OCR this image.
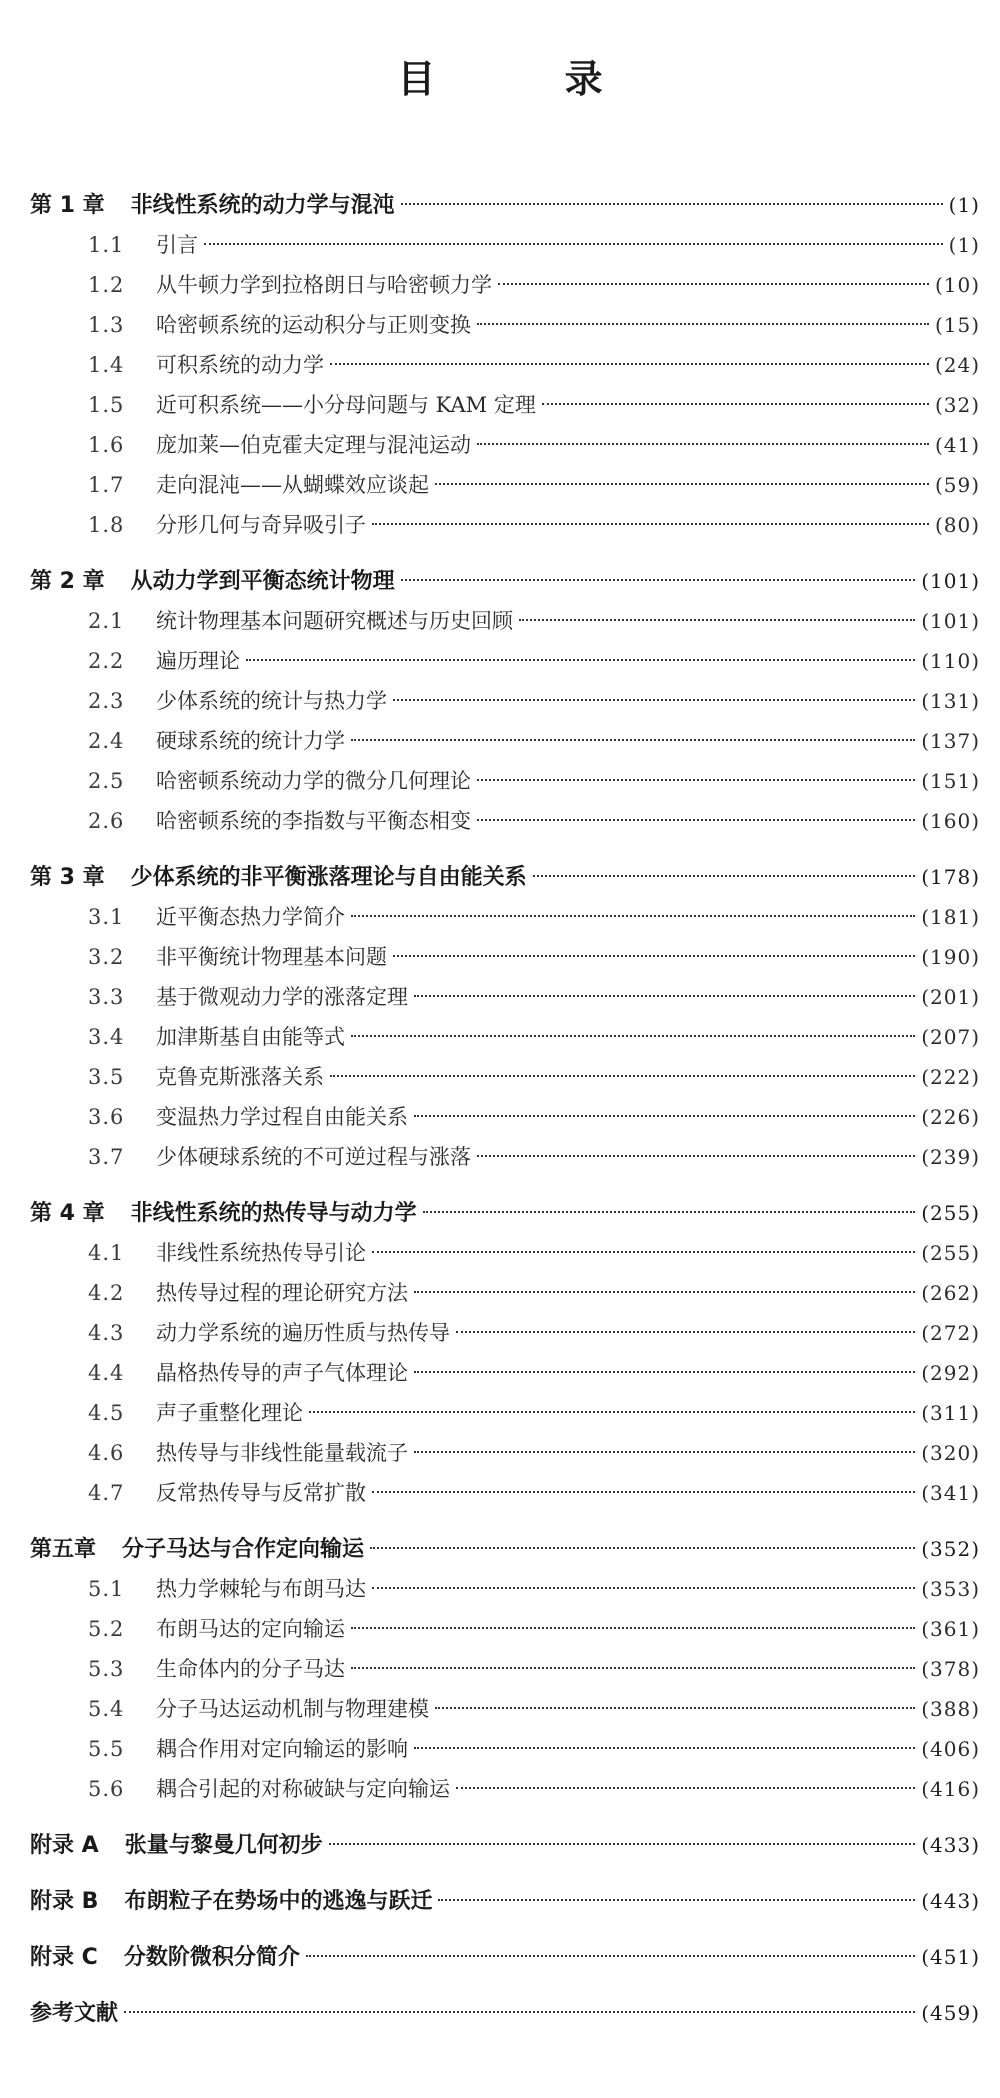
目 录
第 1 章 非线性系统的动力学与混沌	(1)
1.1	引言	(1)
1.2	从牛顿力学到拉格朗日与哈密顿力学	(10)
1.3	哈密顿系统的运动积分与正则变换	(15)
1.4	可积系统的动力学	(24)
1.5	近可积系统——小分母问题与 KAM 定理	(32)
1.6	庞加莱—伯克霍夫定理与混沌运动	(41)
1.7	走向混沌——从蝴蝶效应谈起	(59)
1.8	分形几何与奇异吸引子	(80)
第 2 章 从动力学到平衡态统计物理	(101)
2.1	统计物理基本问题研究概述与历史回顾	(101)
2.2	遍历理论	(110)
2.3	少体系统的统计与热力学	(131)
2.4	硬球系统的统计力学	(137)
2.5	哈密顿系统动力学的微分几何理论	(151)
2.6	哈密顿系统的李指数与平衡态相变	(160)
第 3 章 少体系统的非平衡涨落理论与自由能关系	(178)
3.1	近平衡态热力学简介	(181)
3.2	非平衡统计物理基本问题	(190)
3.3	基于微观动力学的涨落定理	(201)
3.4	加津斯基自由能等式	(207)
3.5	克鲁克斯涨落关系	(222)
3.6	变温热力学过程自由能关系	(226)
3.7	少体硬球系统的不可逆过程与涨落	(239)
第 4 章 非线性系统的热传导与动力学	(255)
4.1	非线性系统热传导引论	(255)
4.2	热传导过程的理论研究方法	(262)
4.3	动力学系统的遍历性质与热传导	(272)
4.4	晶格热传导的声子气体理论	(292)
4.5	声子重整化理论	(311)
4.6	热传导与非线性能量载流子	(320)
4.7	反常热传导与反常扩散	(341)
第五章 分子马达与合作定向输运	(352)
5.1	热力学棘轮与布朗马达	(353)
5.2	布朗马达的定向输运	(361)
5.3	生命体内的分子马达	(378)
5.4	分子马达运动机制与物理建模	(388)
5.5	耦合作用对定向输运的影响	(406)
5.6	耦合引起的对称破缺与定向输运	(416)
附录 A 张量与黎曼几何初步	(433)
附录 B 布朗粒子在势场中的逃逸与跃迁	(443)
附录 C 分数阶微积分简介	(451)
参考文献	(459)
